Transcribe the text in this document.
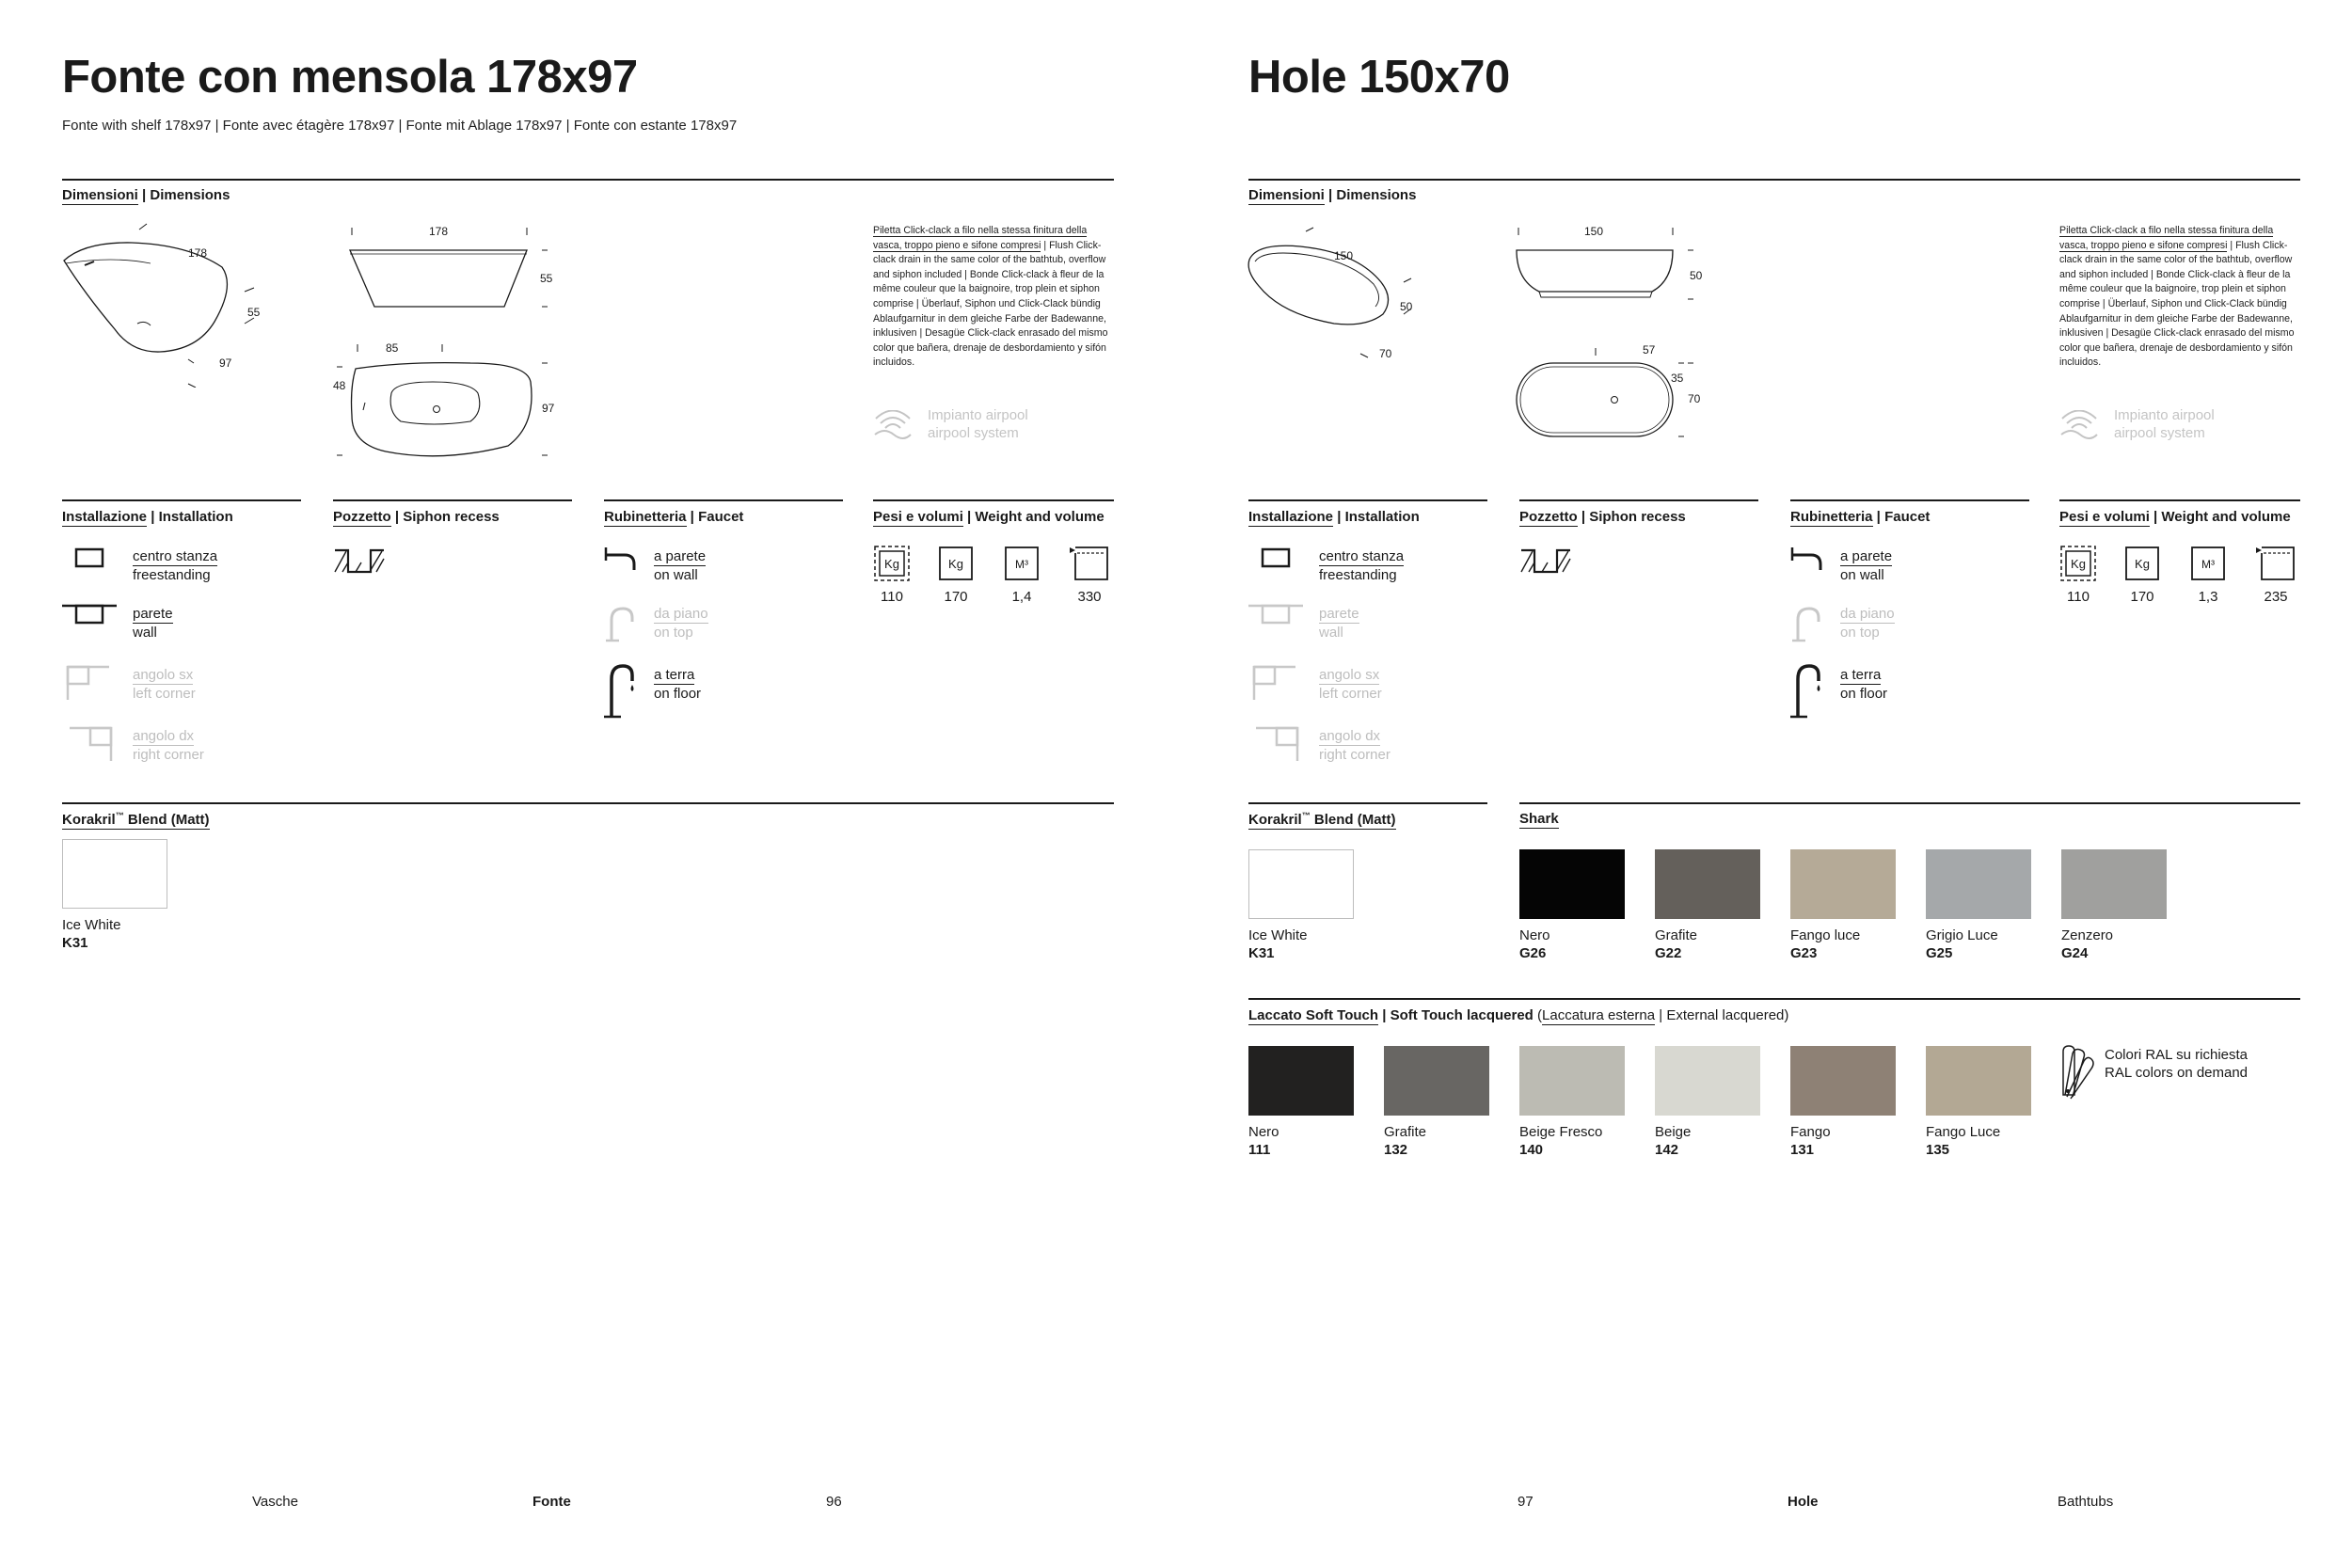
Fonte con mensola 178x97
Fonte with shelf 178x97 | Fonte avec étagère 178x97 | Fonte mit Ablage 178x97 | Fonte con estante 178x97
Dimensioni | Dimensions
178
55
97
178
55
85
48
97
Piletta Click-clack a filo nella stessa finitura della vasca, troppo pieno e sifone compresi | Flush Click-clack drain in the same color of the bathtub, overflow and siphon included | Bonde Click-clack à fleur de la même couleur que la baignoire, trop plein et siphon comprise | Überlauf, Siphon und Click-Clack bündig Ablaufgarnitur in dem gleiche Farbe der Badewanne, inklusiven | Desagüe Click-clack enrasado del mismo color que bañera, drenaje de desbordamiento y sifón incluidos.
Impianto airpool
airpool system
Installazione | Installation	Pozzetto | Siphon recess	Rubinetteria | Faucet	Pesi e volumi | Weight and volume
centro stanza
freestanding
parete
wall
angolo sx
left corner
angolo dx
right corner
a parete
on wall
da piano
on top
a terra
on floor
Kg
110
Kg
170
M³
1,4	330
Korakril™ Blend (Matt)
Ice White
K31
Vasche	Fonte	96
Hole 150x70
Dimensioni | Dimensions
150
50
70
150
50
57
35
70
Piletta Click-clack a filo nella stessa finitura della vasca, troppo pieno e sifone compresi | Flush Click-clack drain in the same color of the bathtub, overflow and siphon included | Bonde Click-clack à fleur de la même couleur que la baignoire, trop plein et siphon comprise | Überlauf, Siphon und Click-Clack bündig Ablaufgarnitur in dem gleiche Farbe der Badewanne, inklusiven | Desagüe Click-clack enrasado del mismo color que bañera, drenaje de desbordamiento y sifón incluidos.
Impianto airpool
airpool system
Installazione | Installation	Pozzetto | Siphon recess	Rubinetteria | Faucet	Pesi e volumi | Weight and volume
centro stanza
freestanding
parete
wall
angolo sx
left corner
angolo dx
right corner
a parete
on wall
da piano
on top
a terra
on floor
Kg
110
Kg
170
M³
1,3	235
Korakril™ Blend (Matt)	Shark
Ice White
K31
Nero
G26
Grafite
G22
Fango luce
G23
Grigio Luce
G25
Zenzero
G24
Laccato Soft Touch | Soft Touch lacquered (Laccatura esterna | External lacquered)
Nero
111
Grafite
132
Beige Fresco
140
Beige
142
Fango
131
Fango Luce
135
Colori RAL su richiesta
RAL colors on demand
97	Hole	Bathtubs
